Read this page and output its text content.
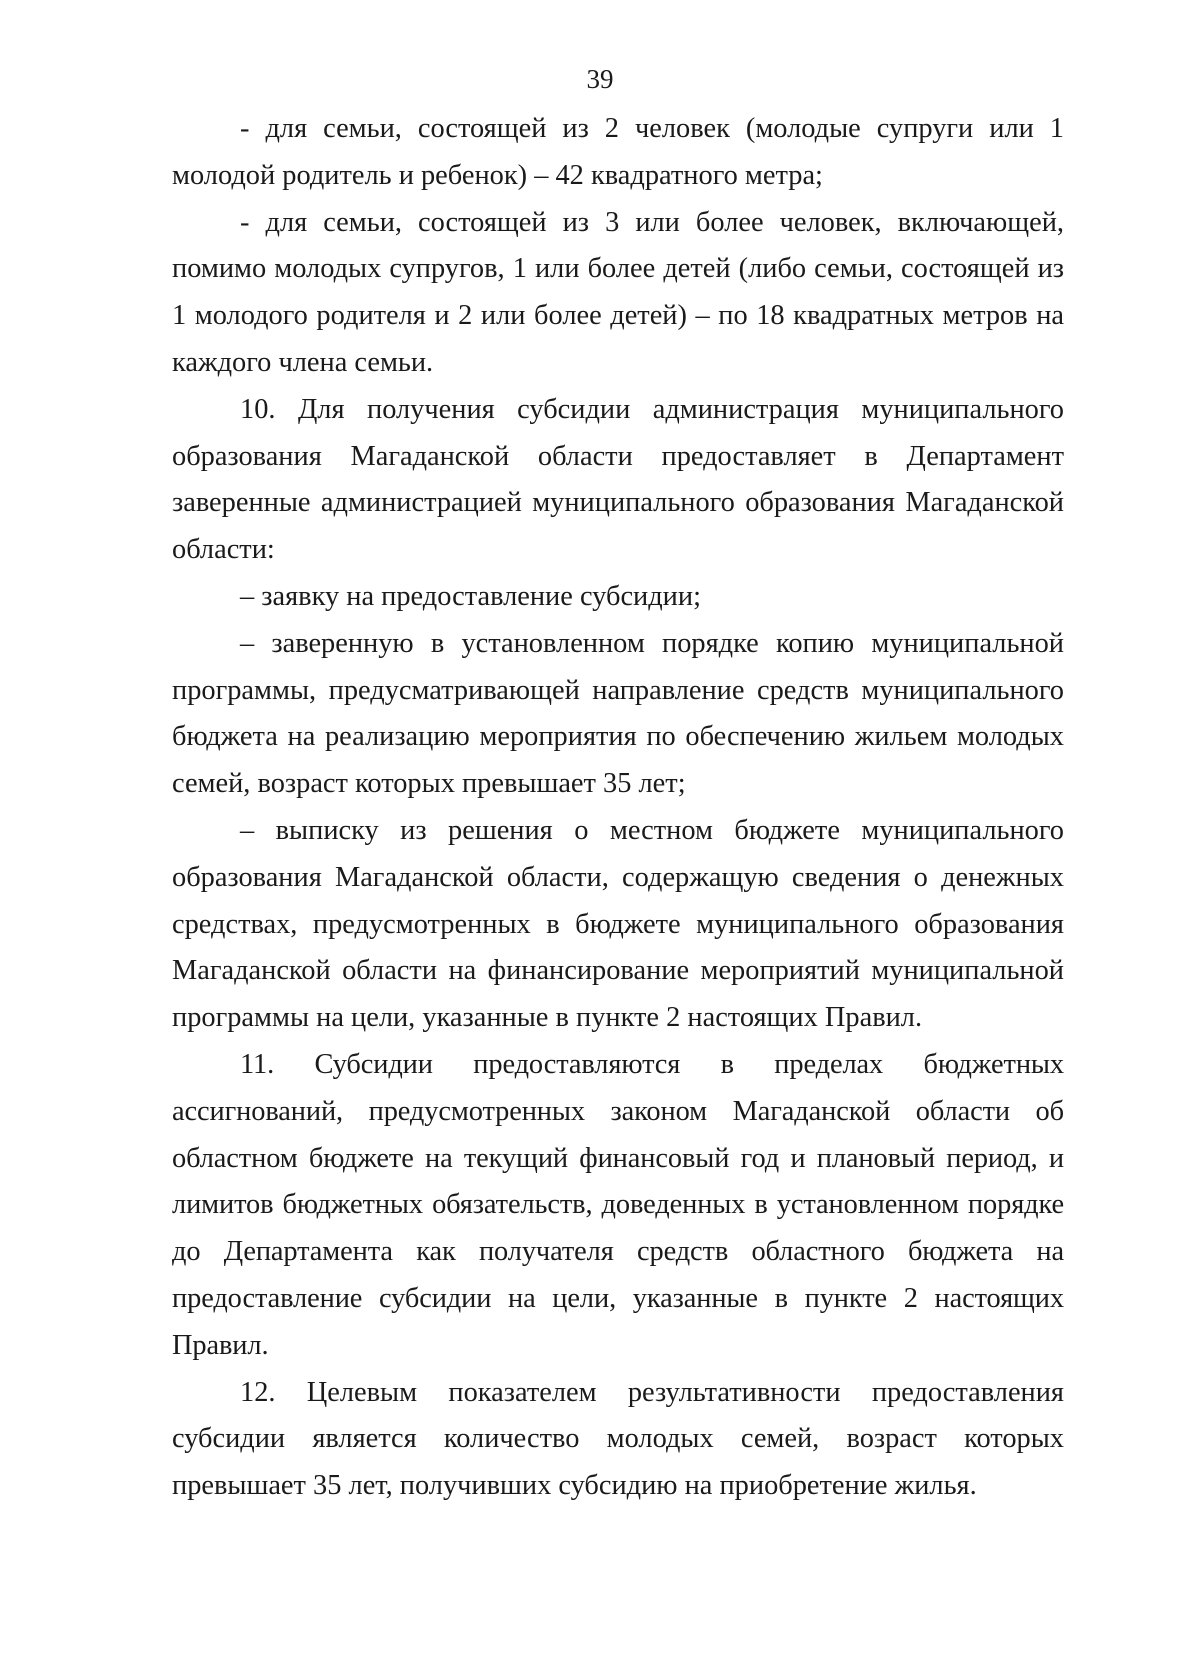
39

- для семьи, состоящей из 2 человек (молодые супруги или 1 молодой родитель и ребенок) – 42 квадратного метра;

- для семьи, состоящей из 3 или более человек, включающей, помимо молодых супругов, 1 или более детей (либо семьи, состоящей из 1 молодого родителя и 2 или более детей) – по 18 квадратных метров на каждого члена семьи.

10. Для получения субсидии администрация муниципального образования Магаданской области предоставляет в Департамент заверенные администрацией муниципального образования Магаданской области:

– заявку на предоставление субсидии;

– заверенную в установленном порядке копию муниципальной программы, предусматривающей направление средств муниципального бюджета на реализацию мероприятия по обеспечению жильем молодых семей, возраст которых превышает 35 лет;

– выписку из решения о местном бюджете муниципального образования Магаданской области, содержащую сведения о денежных средствах, предусмотренных в бюджете муниципального образования Магаданской области на финансирование мероприятий муниципальной программы на цели, указанные в пункте 2 настоящих Правил.

11. Субсидии предоставляются в пределах бюджетных ассигнований, предусмотренных законом Магаданской области об областном бюджете на текущий финансовый год и плановый период, и лимитов бюджетных обязательств, доведенных в установленном порядке до Департамента как получателя средств областного бюджета на предоставление субсидии на цели, указанные в пункте 2 настоящих Правил.

12. Целевым показателем результативности предоставления субсидии является количество молодых семей, возраст которых превышает 35 лет, получивших субсидию на приобретение жилья.
